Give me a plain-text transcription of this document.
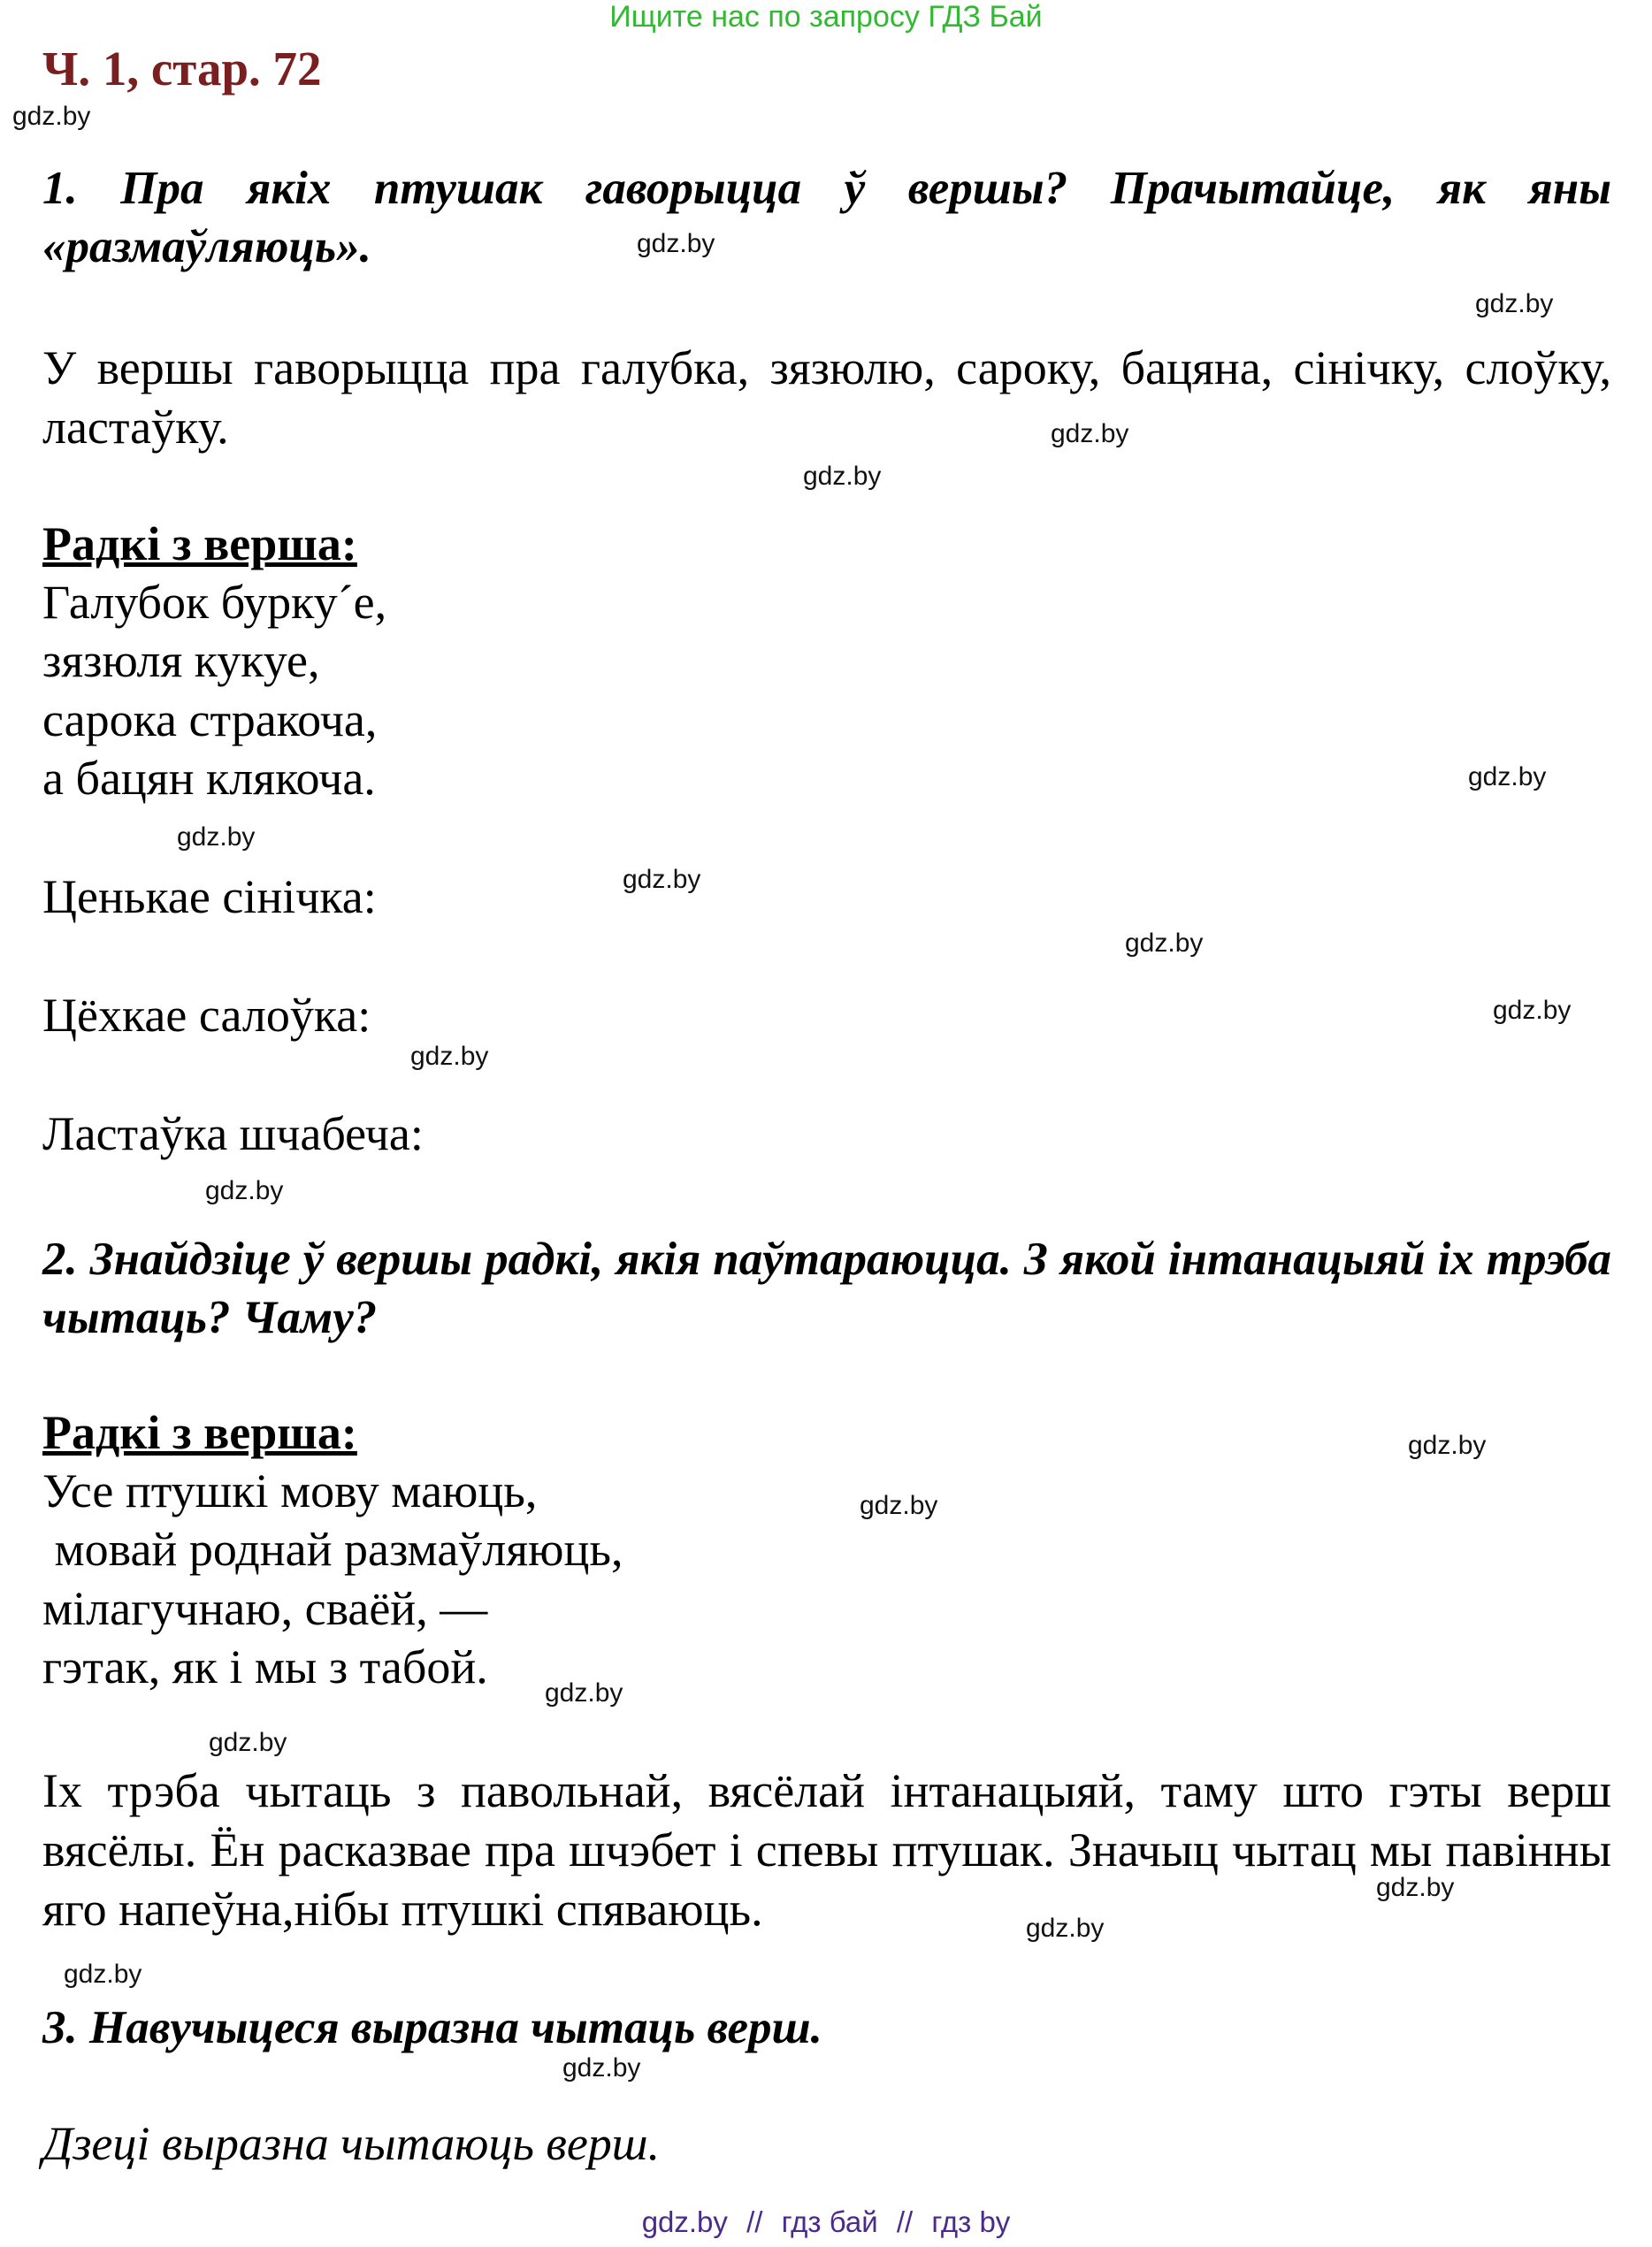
Ищите нас по запросу ГДЗ Бай
Ч. 1, стар. 72
1. Пра якіх птушак гаворыцца ў вершы? Прачытайце, як яны «размаўляюць».
У вершы гаворыцца пра галубка, зязюлю, сароку, бацяна, сінічку, слоўку, ластаўку.
Радкі з верша:
Галубок бурку´е,
зязюля кукуе,
сарока стракоча,
а бацян клякоча.
Ценькае сінічка:
Цёхкае салоўка:
Ластаўка шчабеча:
2. Знайдзіце ў вершы радкі, якія паўтараюцца. З якой інтанацыяй іх трэба чытаць? Чаму?
Радкі з верша:
Усе птушкі мову маюць,
мовай роднай размаўляюць,
мілагучнаю, сваёй, —
гэтак, як і мы з табой.
Іх трэба чытаць з павольнай, вясёлай інтанацыяй, таму што гэты верш вясёлы. Ён расказвае пра шчэбет і спевы птушак. Значыц чытац мы павінны яго напеўна,нібы птушкі спяваюць.
3. Навучыцеся выразна чытаць верш.
Дзеці выразна чытаюць верш.
gdz.by
gdz.by
gdz.by
gdz.by
gdz.by
gdz.by
gdz.by
gdz.by
gdz.by
gdz.by
gdz.by
gdz.by
gdz.by
gdz.by
gdz.by
gdz.by
gdz.by
gdz.by
gdz.by
gdz.by
gdz.by // гдз бай // гдз by
